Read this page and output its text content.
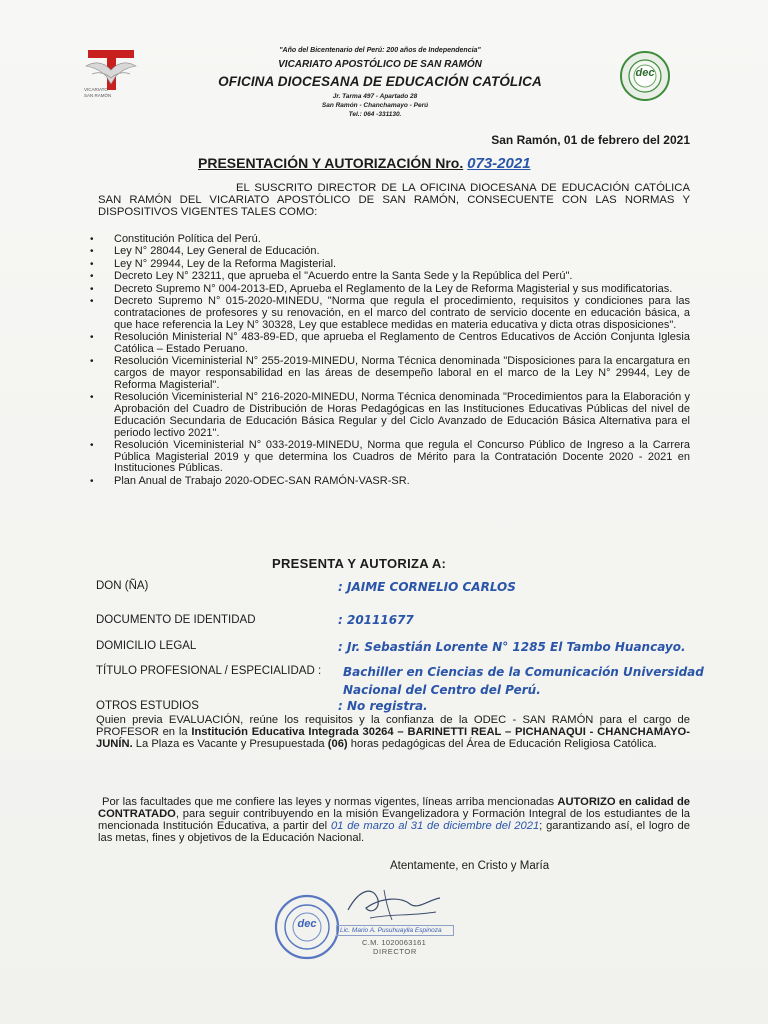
VICARIATO
SAN RAMÓN
"Año del Bicentenario del Perú: 200 años de Independencia"
VICARIATO APOSTÓLICO DE SAN RAMÓN
OFICINA DIOCESANA DE EDUCACIÓN CATÓLICA
Jr. Tarma 497 - Apartado 28
San Ramón - Chanchamayo - Perú
Tel.: 064 -331130.
dec
San Ramón, 01 de febrero del 2021
PRESENTACIÓN Y AUTORIZACIÓN Nro. 073-2021
EL SUSCRITO DIRECTOR DE LA OFICINA DIOCESANA DE EDUCACIÓN CATÓLICA SAN RAMÓN DEL VICARIATO APOSTÓLICO DE SAN RAMÓN, CONSECUENTE CON LAS NORMAS Y DISPOSITIVOS VIGENTES TALES COMO:
• Constitución Política del Perú.
• Ley N° 28044, Ley General de Educación.
• Ley N° 29944, Ley de la Reforma Magisterial.
• Decreto Ley N° 23211, que aprueba el "Acuerdo entre la Santa Sede y la República del Perú".
• Decreto Supremo N° 004-2013-ED, Aprueba el Reglamento de la Ley de Reforma Magisterial y sus modificatorias.
• Decreto Supremo N° 015-2020-MINEDU, "Norma que regula el procedimiento, requisitos y condiciones para las contrataciones de profesores y su renovación, en el marco del contrato de servicio docente en educación básica, a que hace referencia la Ley N° 30328, Ley que establece medidas en materia educativa y dicta otras disposiciones".
• Resolución Ministerial N° 483-89-ED, que aprueba el Reglamento de Centros Educativos de Acción Conjunta Iglesia Católica – Estado Peruano.
• Resolución Viceministerial N° 255-2019-MINEDU, Norma Técnica denominada "Disposiciones para la encargatura en cargos de mayor responsabilidad en las áreas de desempeño laboral en el marco de la Ley N° 29944, Ley de Reforma Magisterial".
• Resolución Viceministerial N° 216-2020-MINEDU, Norma Técnica denominada "Procedimientos para la Elaboración y Aprobación del Cuadro de Distribución de Horas Pedagógicas en las Instituciones Educativas Públicas del nivel de Educación Secundaria de Educación Básica Regular y del Ciclo Avanzado de Educación Básica Alternativa para el periodo lectivo 2021".
• Resolución Viceministerial N° 033-2019-MINEDU, Norma que regula el Concurso Público de Ingreso a la Carrera Pública Magisterial 2019 y que determina los Cuadros de Mérito para la Contratación Docente 2020 - 2021 en Instituciones Públicas.
• Plan Anual de Trabajo 2020-ODEC-SAN RAMÓN-VASR-SR.
PRESENTA Y AUTORIZA A:
DON (ÑA)	: JAIME CORNELIO CARLOS
DOCUMENTO DE IDENTIDAD	: 20111677
DOMICILIO LEGAL	: Jr. Sebastián Lorente N° 1285 El Tambo Huancayo.
TÍTULO PROFESIONAL / ESPECIALIDAD : Bachiller en Ciencias de la Comunicación Universidad
Nacional del Centro del Perú.
OTROS ESTUDIOS	: No registra.
Quien previa EVALUACIÓN, reúne los requisitos y la confianza de la ODEC - SAN RAMÓN para el cargo de PROFESOR en la Institución Educativa Integrada 30264 – BARINETTI REAL – PICHANAQUI - CHANCHAMAYO- JUNÍN. La Plaza es Vacante y Presupuestada (06) horas pedagógicas del Área de Educación Religiosa Católica.
Por las facultades que me confiere las leyes y normas vigentes, líneas arriba mencionadas AUTORIZO en calidad de CONTRATADO, para seguir contribuyendo en la misión Evangelizadora y Formación Integral de los estudiantes de la mencionada Institución Educativa, a partir del 01 de marzo al 31 de diciembre del 2021; garantizando así, el logro de las metas, fines y objetivos de la Educación Nacional.
Atentamente, en Cristo y María
dec
Lic. Mario A. Pusuhuaylla Espinoza
C.M. 1020063161
DIRECTOR
